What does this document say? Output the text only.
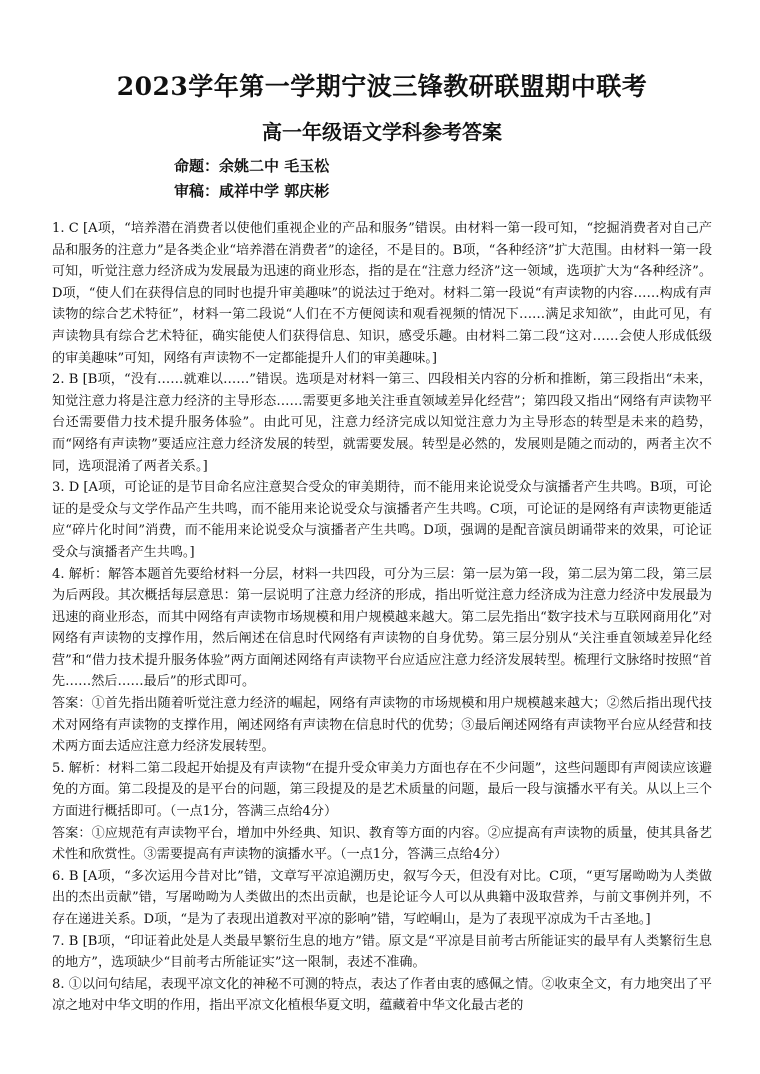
2023学年第一学期宁波三锋教研联盟期中联考
高一年级语文学科参考答案
命题：余姚二中 毛玉松
审稿：咸祥中学 郭庆彬

1. C [A项，“培养潜在消费者以使他们重视企业的产品和服务”错误。由材料一第一段可知，“挖掘消费者对自己产品和服务的注意力”是各类企业“培养潜在消费者”的途径，不是目的。B项，“各种经济”扩大范围。由材料一第一段可知，听觉注意力经济成为发展最为迅速的商业形态，指的是在“注意力经济”这一领域，选项扩大为“各种经济”。D项，“使人们在获得信息的同时也提升审美趣味”的说法过于绝对。材料二第一段说“有声读物的内容……构成有声读物的综合艺术特征”，材料一第二段说“人们在不方便阅读和观看视频的情况下……满足求知欲”，由此可见，有声读物具有综合艺术特征，确实能使人们获得信息、知识，感受乐趣。由材料二第二段“这对……会使人形成低级的审美趣味”可知，网络有声读物不一定都能提升人们的审美趣味。]

2. B [B项，“没有……就难以……”错误。选项是对材料一第三、四段相关内容的分析和推断，第三段指出“未来，知觉注意力将是注意力经济的主导形态……需要更多地关注垂直领域差异化经营”；第四段又指出“网络有声读物平台还需要借力技术提升服务体验”。由此可见，注意力经济完成以知觉注意力为主导形态的转型是未来的趋势，而“网络有声读物”要适应注意力经济发展的转型，就需要发展。转型是必然的，发展则是随之而动的，两者主次不同，选项混淆了两者关系。]

3. D [A项，可论证的是节目命名应注意契合受众的审美期待，而不能用来论说受众与演播者产生共鸣。B项，可论证的是受众与文学作品产生共鸣，而不能用来论说受众与演播者产生共鸣。C项，可论证的是网络有声读物更能适应“碎片化时间”消费，而不能用来论说受众与演播者产生共鸣。D项，强调的是配音演员朗诵带来的效果，可论证受众与演播者产生共鸣。]

4. 解析：解答本题首先要给材料一分层，材料一共四段，可分为三层：第一层为第一段，第二层为第二段，第三层为后两段。其次概括每层意思：第一层说明了注意力经济的形成，指出听觉注意力经济成为注意力经济中发展最为迅速的商业形态，而其中网络有声读物市场规模和用户规模越来越大。第二层先指出“数字技术与互联网商用化”对网络有声读物的支撑作用，然后阐述在信息时代网络有声读物的自身优势。第三层分别从“关注垂直领域差异化经营”和“借力技术提升服务体验”两方面阐述网络有声读物平台应适应注意力经济发展转型。梳理行文脉络时按照“首先……然后……最后”的形式即可。

答案：①首先指出随着听觉注意力经济的崛起，网络有声读物的市场规模和用户规模越来越大；②然后指出现代技术对网络有声读物的支撑作用，阐述网络有声读物在信息时代的优势；③最后阐述网络有声读物平台应从经营和技术两方面去适应注意力经济发展转型。

5. 解析：材料二第二段起开始提及有声读物“在提升受众审美力方面也存在不少问题”，这些问题即有声阅读应该避免的方面。第二段提及的是平台的问题，第三段提及的是艺术质量的问题，最后一段与演播水平有关。从以上三个方面进行概括即可。（一点1分，答满三点给4分）

答案：①应规范有声读物平台，增加中外经典、知识、教育等方面的内容。②应提高有声读物的质量，使其具备艺术性和欣赏性。③需要提高有声读物的演播水平。（一点1分，答满三点给4分）

6. B [A项，“多次运用今昔对比”错，文章写平凉追溯历史，叙写今天，但没有对比。C项，“更写屠呦呦为人类做出的杰出贡献”错，写屠呦呦为人类做出的杰出贡献，也是论证今人可以从典籍中汲取营养，与前文事例并列，不存在递进关系。D项，“是为了表现出道教对平凉的影响”错，写崆峒山，是为了表现平凉成为千古圣地。]

7. B [B项，“印证着此处是人类最早繁衍生息的地方”错。原文是“平凉是目前考古所能证实的最早有人类繁衍生息的地方”，选项缺少“目前考古所能证实”这一限制，表述不准确。

8. ①以问句结尾，表现平凉文化的神秘不可测的特点，表达了作者由衷的感佩之情。②收束全文，有力地突出了平凉之地对中华文明的作用，指出平凉文化植根华夏文明，蕴藏着中华文化最古老的
